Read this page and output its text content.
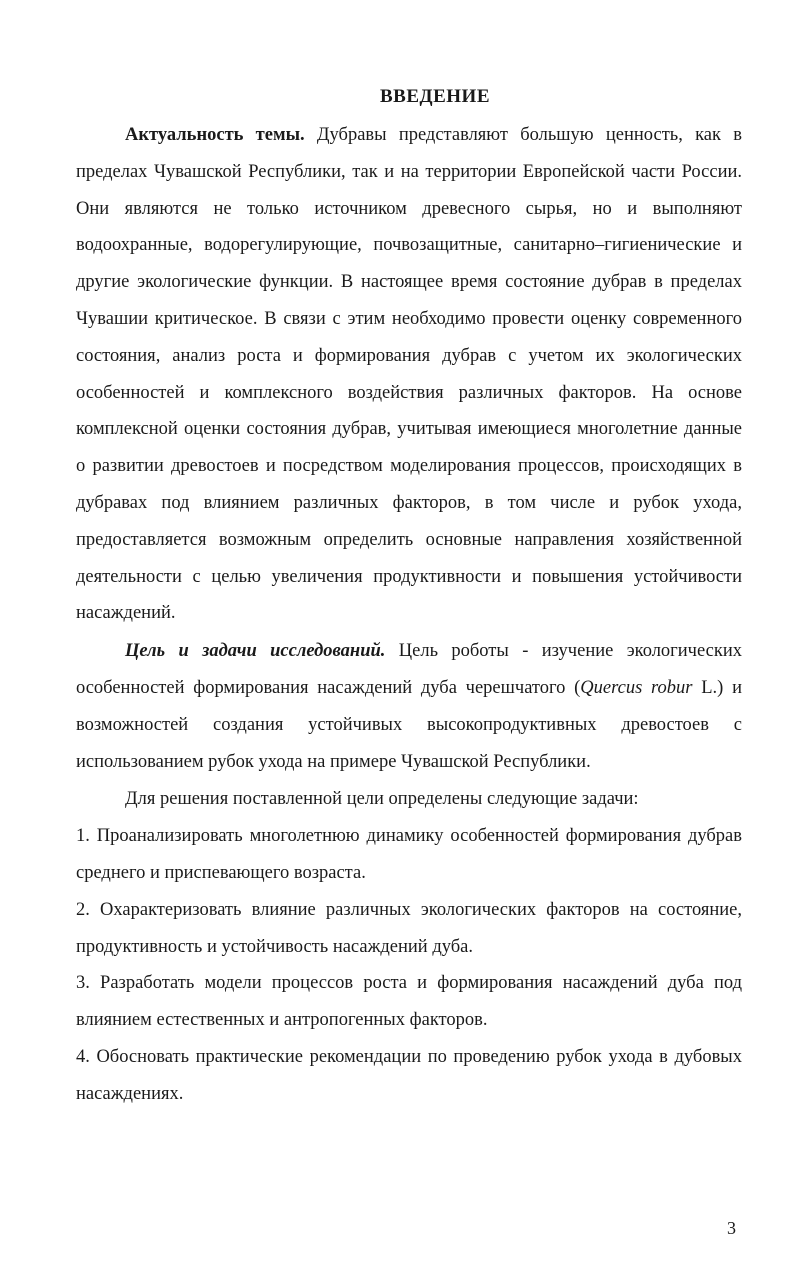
ВВЕДЕНИЕ

Актуальность темы. Дубравы представляют большую ценность, как в пределах Чувашской Республики, так и на территории Европейской части России. Они являются не только источником древесного сырья, но и выполняют водоохранные, водорегулирующие, почвозащитные, санитарно–гигиенические и другие экологические функции. В настоящее время состояние дубрав в пределах Чувашии критическое. В связи с этим необходимо провести оценку современного состояния, анализ роста и формирования дубрав с учетом их экологических особенностей и комплексного воздействия различных факторов. На основе комплексной оценки состояния дубрав, учитывая имеющиеся многолетние данные о развитии древостоев и посредством моделирования процессов, происходящих в дубравах под влиянием различных факторов, в том числе и рубок ухода, предоставляется возможным определить основные направления хозяйственной деятельности с целью увеличения продуктивности и повышения устойчивости насаждений.

Цель и задачи исследований. Цель роботы - изучение экологических особенностей формирования насаждений дуба черешчатого (Quercus robur L.) и возможностей создания устойчивых высокопродуктивных древостоев с использованием рубок ухода на примере Чувашской Республики.

Для решения поставленной цели определены следующие задачи:

1. Проанализировать многолетнюю динамику особенностей формирования дубрав среднего и приспевающего возраста.

2. Охарактеризовать влияние различных экологических факторов на состояние, продуктивность и устойчивость насаждений дуба.

3. Разработать модели процессов роста и формирования насаждений дуба под влиянием естественных и антропогенных факторов.

4. Обосновать практические рекомендации по проведению рубок ухода в дубовых насаждениях.

3
